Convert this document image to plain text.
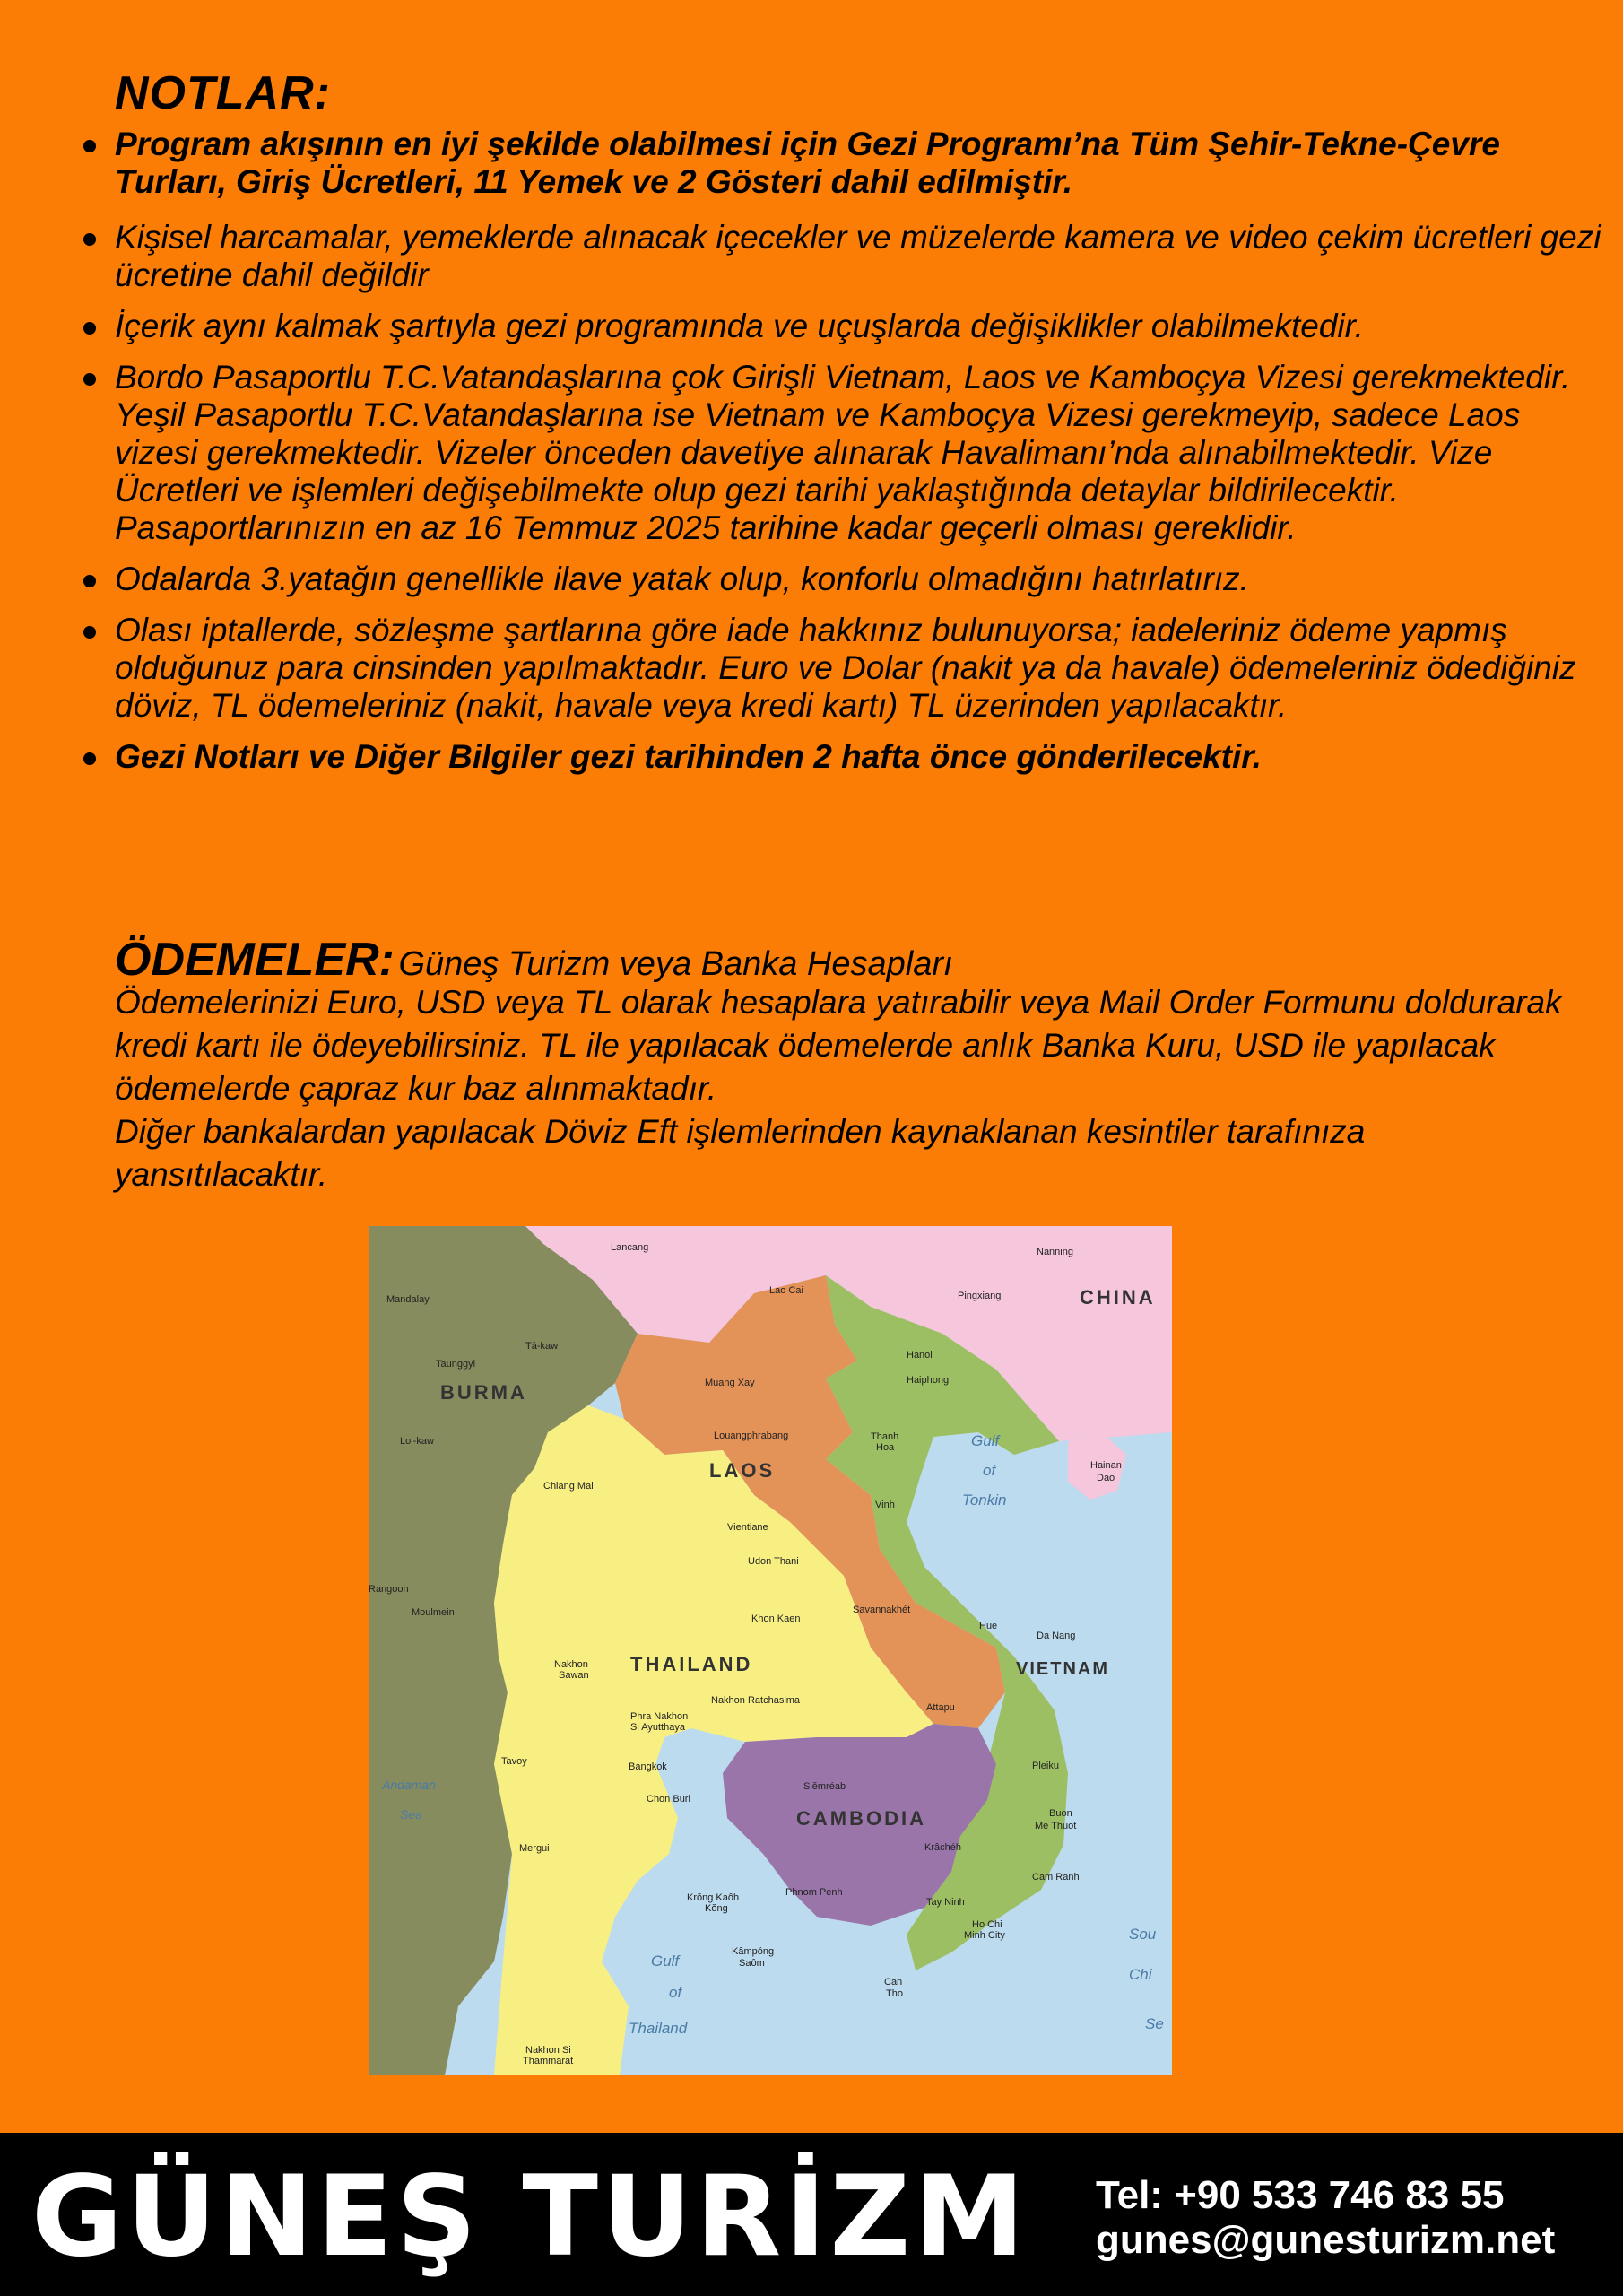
NOTLAR:
Program akışının en iyi şekilde olabilmesi için Gezi Programı’na Tüm Şehir-Tekne-Çevre Turları, Giriş Ücretleri, 11 Yemek ve 2 Gösteri dahil edilmiştir.
Kişisel harcamalar, yemeklerde alınacak içecekler ve müzelerde kamera ve video çekim ücretleri gezi ücretine dahil değildir
İçerik aynı kalmak şartıyla gezi programında ve uçuşlarda değişiklikler olabilmektedir.
Bordo Pasaportlu T.C.Vatandaşlarına çok Girişli Vietnam, Laos ve Kamboçya Vizesi gerekmektedir. Yeşil Pasaportlu T.C.Vatandaşlarına ise Vietnam ve Kamboçya Vizesi gerekmeyip, sadece Laos vizesi gerekmektedir. Vizeler önceden davetiye alınarak Havalimanı’nda alınabilmektedir. Vize Ücretleri ve işlemleri değişebilmekte olup gezi tarihi yaklaştığında detaylar bildirilecektir. Pasaportlarınızın en az 16 Temmuz 2025 tarihine kadar geçerli olması gereklidir.
Odalarda 3.yatağın genellikle ilave yatak olup, konforlu olmadığını hatırlatırız.
Olası iptallerde, sözleşme şartlarına göre iade hakkınız bulunuyorsa; iadeleriniz ödeme yapmış olduğunuz para cinsinden yapılmaktadır. Euro ve Dolar (nakit ya da havale) ödemeleriniz ödediğiniz döviz, TL ödemeleriniz (nakit, havale veya kredi kartı) TL üzerinden yapılacaktır.
Gezi Notları ve Diğer Bilgiler gezi tarihinden 2 hafta önce gönderilecektir.
ÖDEMELER: Güneş Turizm veya Banka Hesapları

Ödemelerinizi Euro, USD veya TL olarak hesaplara yatırabilir veya Mail Order Formunu doldurarak kredi kartı ile ödeyebilirsiniz. TL ile yapılacak ödemelerde anlık Banka Kuru, USD ile yapılacak ödemelerde çapraz kur baz alınmaktadır.

Diğer bankalardan yapılacak Döviz Eft işlemlerinden kaynaklanan kesintiler tarafınıza yansıtılacaktır.

BURMA
LAOS
THAILAND
CAMBODIA
VIETNAM
CHINA
Gulf
of
Tonkin
Gulf
of
Thailand
Andaman
Sea
Sou
Chi
Se
Lancang	Nanning
Mandalay	Pingxiang
Lao Cai
Tā-kaw
Taunggyi
Hanoi
Haiphong
Muang Xay
Loi-kaw	Louangphrabang	Thanh
Hoa
Hainan
Dao
Chiang Mai
Vinh
Vientiane
Udon Thani
Rangoon
Moulmein
Khon Kaen
Savannakhét
Hue
Da Nang
Nakhon
Sawan
Nakhon Ratchasima
Phra Nakhon
Si Ayutthaya
Attapu
Tavoy	Bangkok	Pleiku
Siĕmréab
Chon Buri
Buon
Me Thuot
Mergui	Krâchéh
Cam Ranh
Krŏng Kaôh
Kŏng
Phnom Penh
Tay Ninh
Ho Chi
Minh City
Kâmpóng
Saôm
Can
Tho
Nakhon Si
Thammarat
GÜNEŞ TURİZM Tel: +90 533 746 83 55
gunes@gunesturizm.net
